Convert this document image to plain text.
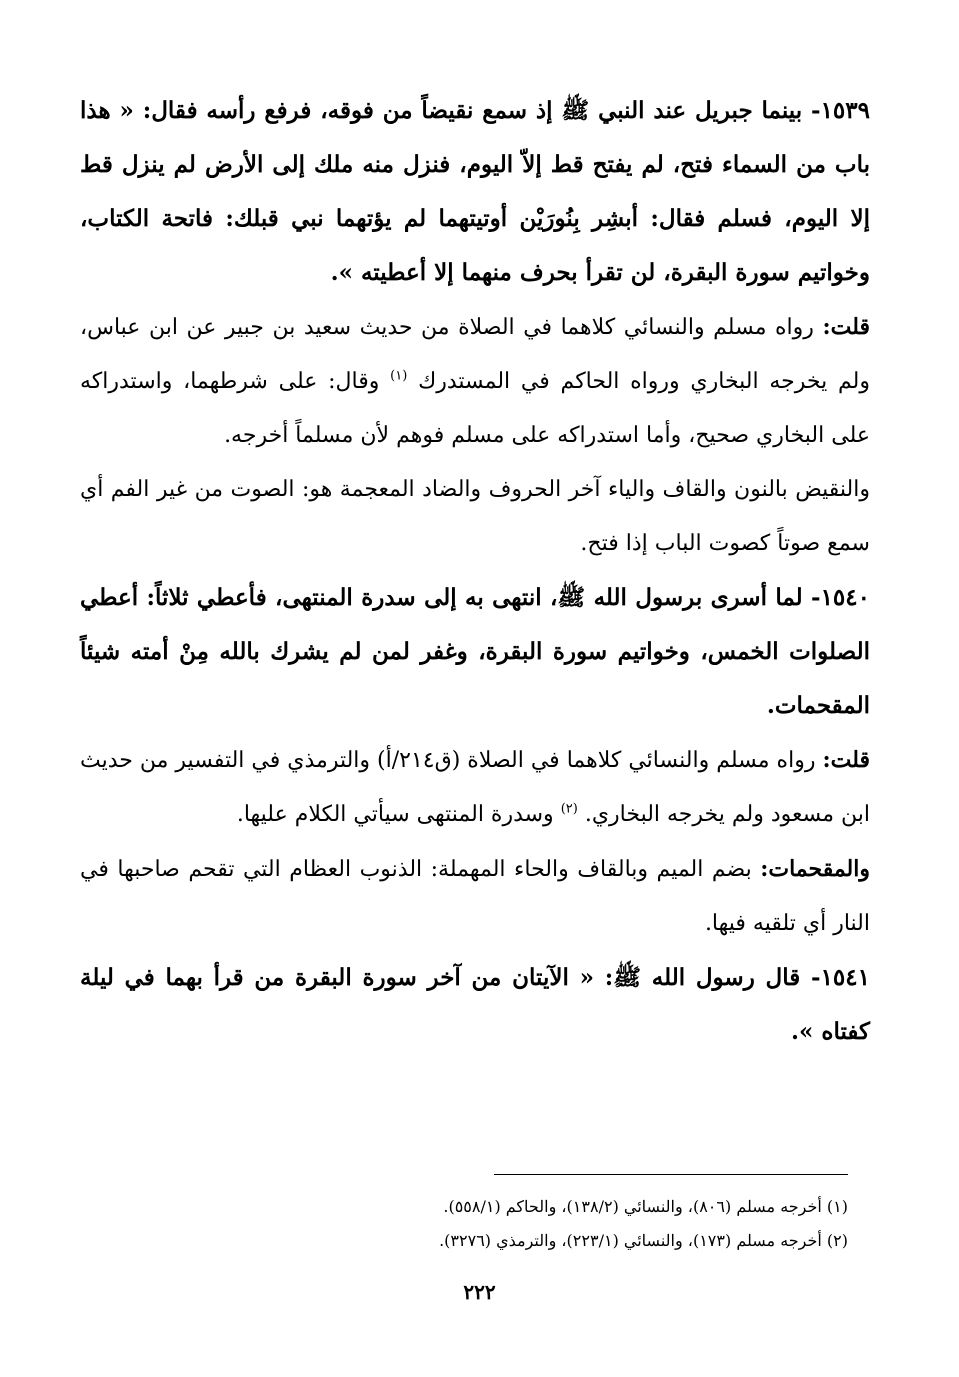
١٥٣٩- بينما جبريل عند النبي ﷺ إذ سمع نقيضاً من فوقه، فرفع رأسه فقال: « هذا باب من السماء فتح، لم يفتح قط إلاّ اليوم، فنزل منه ملك إلى الأرض لم ينزل قط إلا اليوم، فسلم فقال: أبشِر بِنُورَيْن أوتيتهما لم يؤتهما نبي قبلك: فاتحة الكتاب، وخواتيم سورة البقرة، لن تقرأ بحرف منهما إلا أعطيته ».

قلت: رواه مسلم والنسائي كلاهما في الصلاة من حديث سعيد بن جبير عن ابن عباس، ولم يخرجه البخاري ورواه الحاكم في المستدرك $^{(١)}$ وقال: على شرطهما، واستدراكه على البخاري صحيح، وأما استدراكه على مسلم فوهم لأن مسلماً أخرجه.

والنقيض بالنون والقاف والياء آخر الحروف والضاد المعجمة هو: الصوت من غير الفم أي سمع صوتاً كصوت الباب إذا فتح.

١٥٤٠- لما أسرى برسول الله ﷺ، انتهى به إلى سدرة المنتهى، فأعطي ثلاثاً: أعطي الصلوات الخمس، وخواتيم سورة البقرة، وغفر لمن لم يشرك بالله مِنْ أمته شيئاً المقحمات.

قلت: رواه مسلم والنسائي كلاهما في الصلاة (ق٢١٤/أ) والترمذي في التفسير من حديث ابن مسعود ولم يخرجه البخاري. $^{(٢)}$ وسدرة المنتهى سيأتي الكلام عليها.

والمقحمات: بضم الميم وبالقاف والحاء المهملة: الذنوب العظام التي تقحم صاحبها في النار أي تلقيه فيها.

١٥٤١- قال رسول الله ﷺ: « الآيتان من آخر سورة البقرة من قرأ بهما في ليلة كفتاه ».

(١) أخرجه مسلم (٨٠٦)، والنسائي (١٣٨/٢)، والحاكم (٥٥٨/١).

(٢) أخرجه مسلم (١٧٣)، والنسائي (٢٢٣/١)، والترمذي (٣٢٧٦).

٢٢٢
